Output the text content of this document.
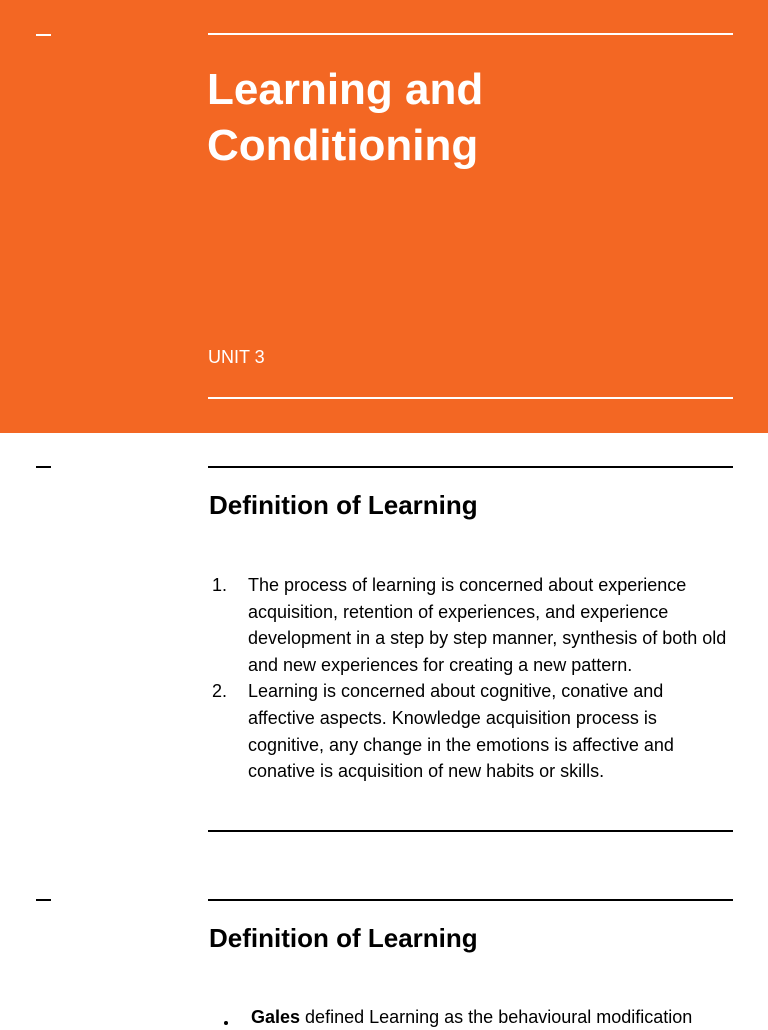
Learning and
Conditioning

UNIT 3

Definition of Learning
1. The process of learning is concerned about experience acquisition, retention of experiences, and experience development in a step by step manner, synthesis of both old and new experiences for creating a new pattern.
2. Learning is concerned about cognitive, conative and affective aspects. Knowledge acquisition process is cognitive, any change in the emotions is affective and conative is acquisition of new habits or skills.
Definition of Learning
Gales defined Learning as the behavioural modification
